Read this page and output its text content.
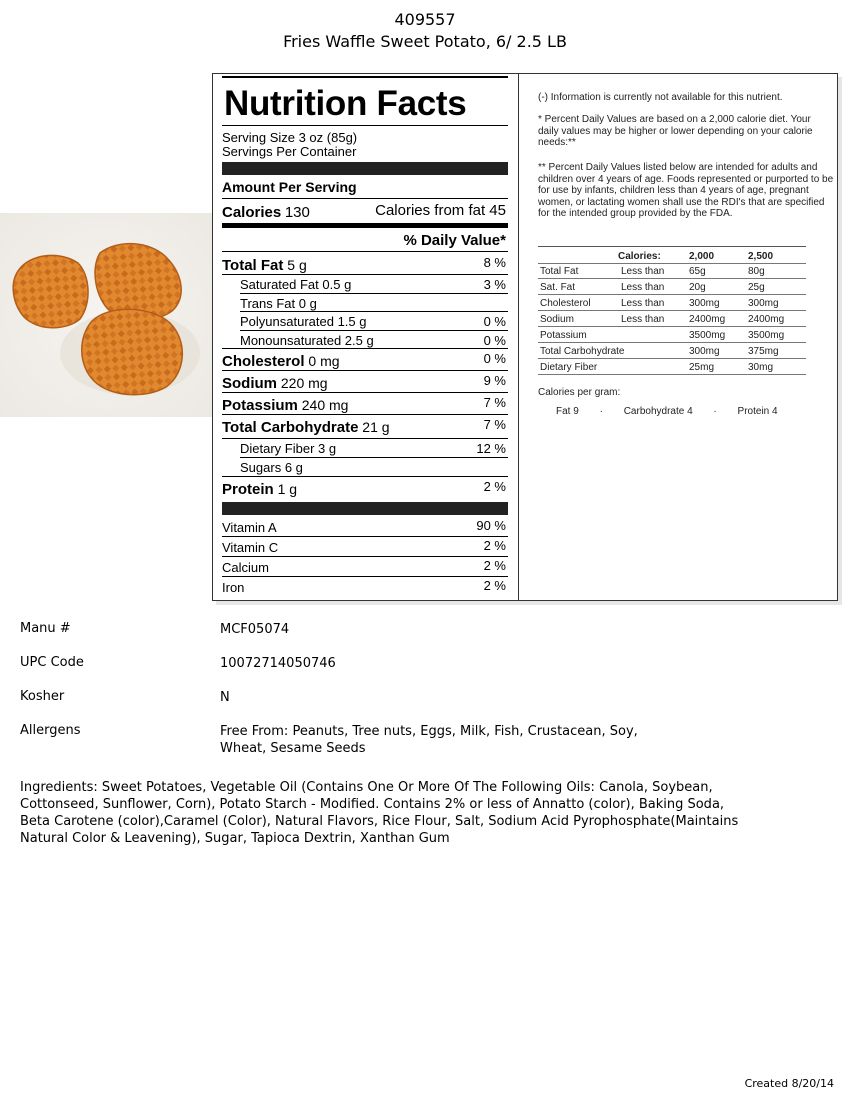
409557
Fries Waffle Sweet Potato, 6/ 2.5 LB
Nutrition Facts
Serving Size 3 oz (85g)
Servings Per Container
Amount Per Serving
Calories 130	Calories from fat 45
% Daily Value*
Total Fat 5 g	8 %
Saturated Fat 0.5 g	3 %
Trans Fat 0 g
Polyunsaturated 1.5 g	0 %
Monounsaturated 2.5 g	0 %
Cholesterol 0 mg	0 %
Sodium 220 mg	9 %
Potassium 240 mg	7 %
Total Carbohydrate 21 g	7 %
Dietary Fiber 3 g	12 %
Sugars 6 g
Protein 1 g	2 %
Vitamin A	90 %
Vitamin C	2 %
Calcium	2 %
Iron	2 %

(-) Information is currently not available for this nutrient.

* Percent Daily Values are based on a 2,000 calorie diet. Your daily values may be higher or lower depending on your calorie needs:**

** Percent Daily Values listed below are intended for adults and children over 4 years of age. Foods represented or purported to be for use by infants, children less than 4 years of age, pregnant women, or lactating women shall use the RDI's that are specified for the intended group provided by the FDA.

Calories:	2,000	2,500
Total Fat	Less than 65g	80g
Sat. Fat	Less than 20g	25g
Cholesterol	Less than 300mg	300mg
Sodium	Less than 2400mg 2400mg
Potassium	3500mg 3500mg
Total Carbohydrate	300mg	375mg
Dietary Fiber	25mg	30mg
Calories per gram:
Fat 9 · Carbohydrate 4 · Protein 4
Manu #	MCF05074
UPC Code	10072714050746
Kosher	N
Allergens	Free From: Peanuts, Tree nuts, Eggs, Milk, Fish, Crustacean, Soy, Wheat, Sesame Seeds
Ingredients: Sweet Potatoes, Vegetable Oil (Contains One Or More Of The Following Oils: Canola, Soybean, Cottonseed, Sunflower, Corn), Potato Starch - Modified. Contains 2% or less of Annatto (color), Baking Soda, Beta Carotene (color),Caramel (Color), Natural Flavors, Rice Flour, Salt, Sodium Acid Pyrophosphate(Maintains Natural Color & Leavening), Sugar, Tapioca Dextrin, Xanthan Gum
Created 8/20/14
